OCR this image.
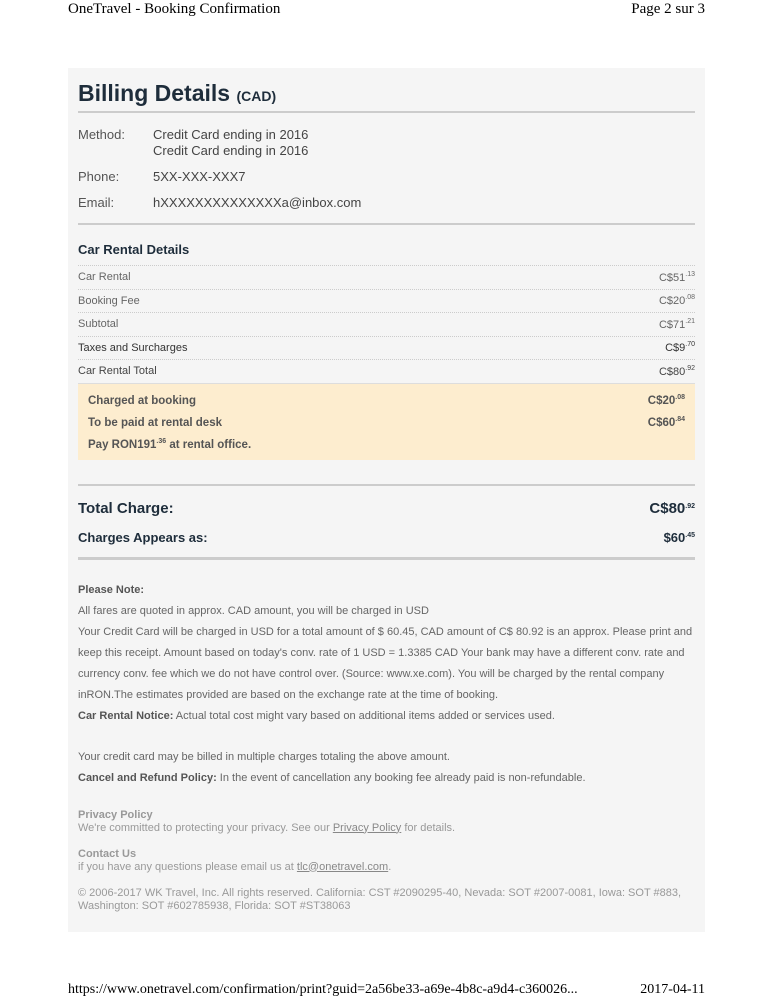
OneTravel - Booking Confirmation	Page 2 sur 3
Billing Details (CAD)
Method:	Credit Card ending in 2016
Credit Card ending in 2016
Phone:	5XX-XXX-XXX7
Email:	hXXXXXXXXXXXXXXa@inbox.com
Car Rental Details
Car Rental	$C\$51^{.13}$
Booking Fee	$C\$20^{.08}$
Subtotal	$C\$71^{.21}$
Taxes and Surcharges	$C\$9^{.70}$
Car Rental Total	$C\$80^{.92}$
Charged at booking	$C\$20^{.08}$
To be paid at rental desk	$C\$60^{.84}$
Pay $RON191^{.36}$ at rental office.
Total Charge:	$C\$80^{.92}$
Charges Appears as:	$\$60^{.45}$
Please Note:
All fares are quoted in approx. CAD amount, you will be charged in USD
Your Credit Card will be charged in USD for a total amount of $ 60.45, CAD amount of C$ 80.92 is an approx. Please print and keep this receipt. Amount based on today's conv. rate of 1 USD = 1.3385 CAD Your bank may have a different conv. rate and currency conv. fee which we do not have control over. (Source: www.xe.com). You will be charged by the rental company inRON.The estimates provided are based on the exchange rate at the time of booking.
Car Rental Notice: Actual total cost might vary based on additional items added or services used.
Your credit card may be billed in multiple charges totaling the above amount.
Cancel and Refund Policy: In the event of cancellation any booking fee already paid is non-refundable.

Privacy Policy
We're committed to protecting your privacy. See our Privacy Policy for details.

Contact Us
if you have any questions please email us at tlc@onetravel.com.

© 2006-2017 WK Travel, Inc. All rights reserved. California: CST #2090295-40, Nevada: SOT #2007-0081, Iowa: SOT #883, Washington: SOT #602785938, Florida: SOT #ST38063

https://www.onetravel.com/confirmation/print?guid=2a56be33-a69e-4b8c-a9d4-c360026...	2017-04-11
